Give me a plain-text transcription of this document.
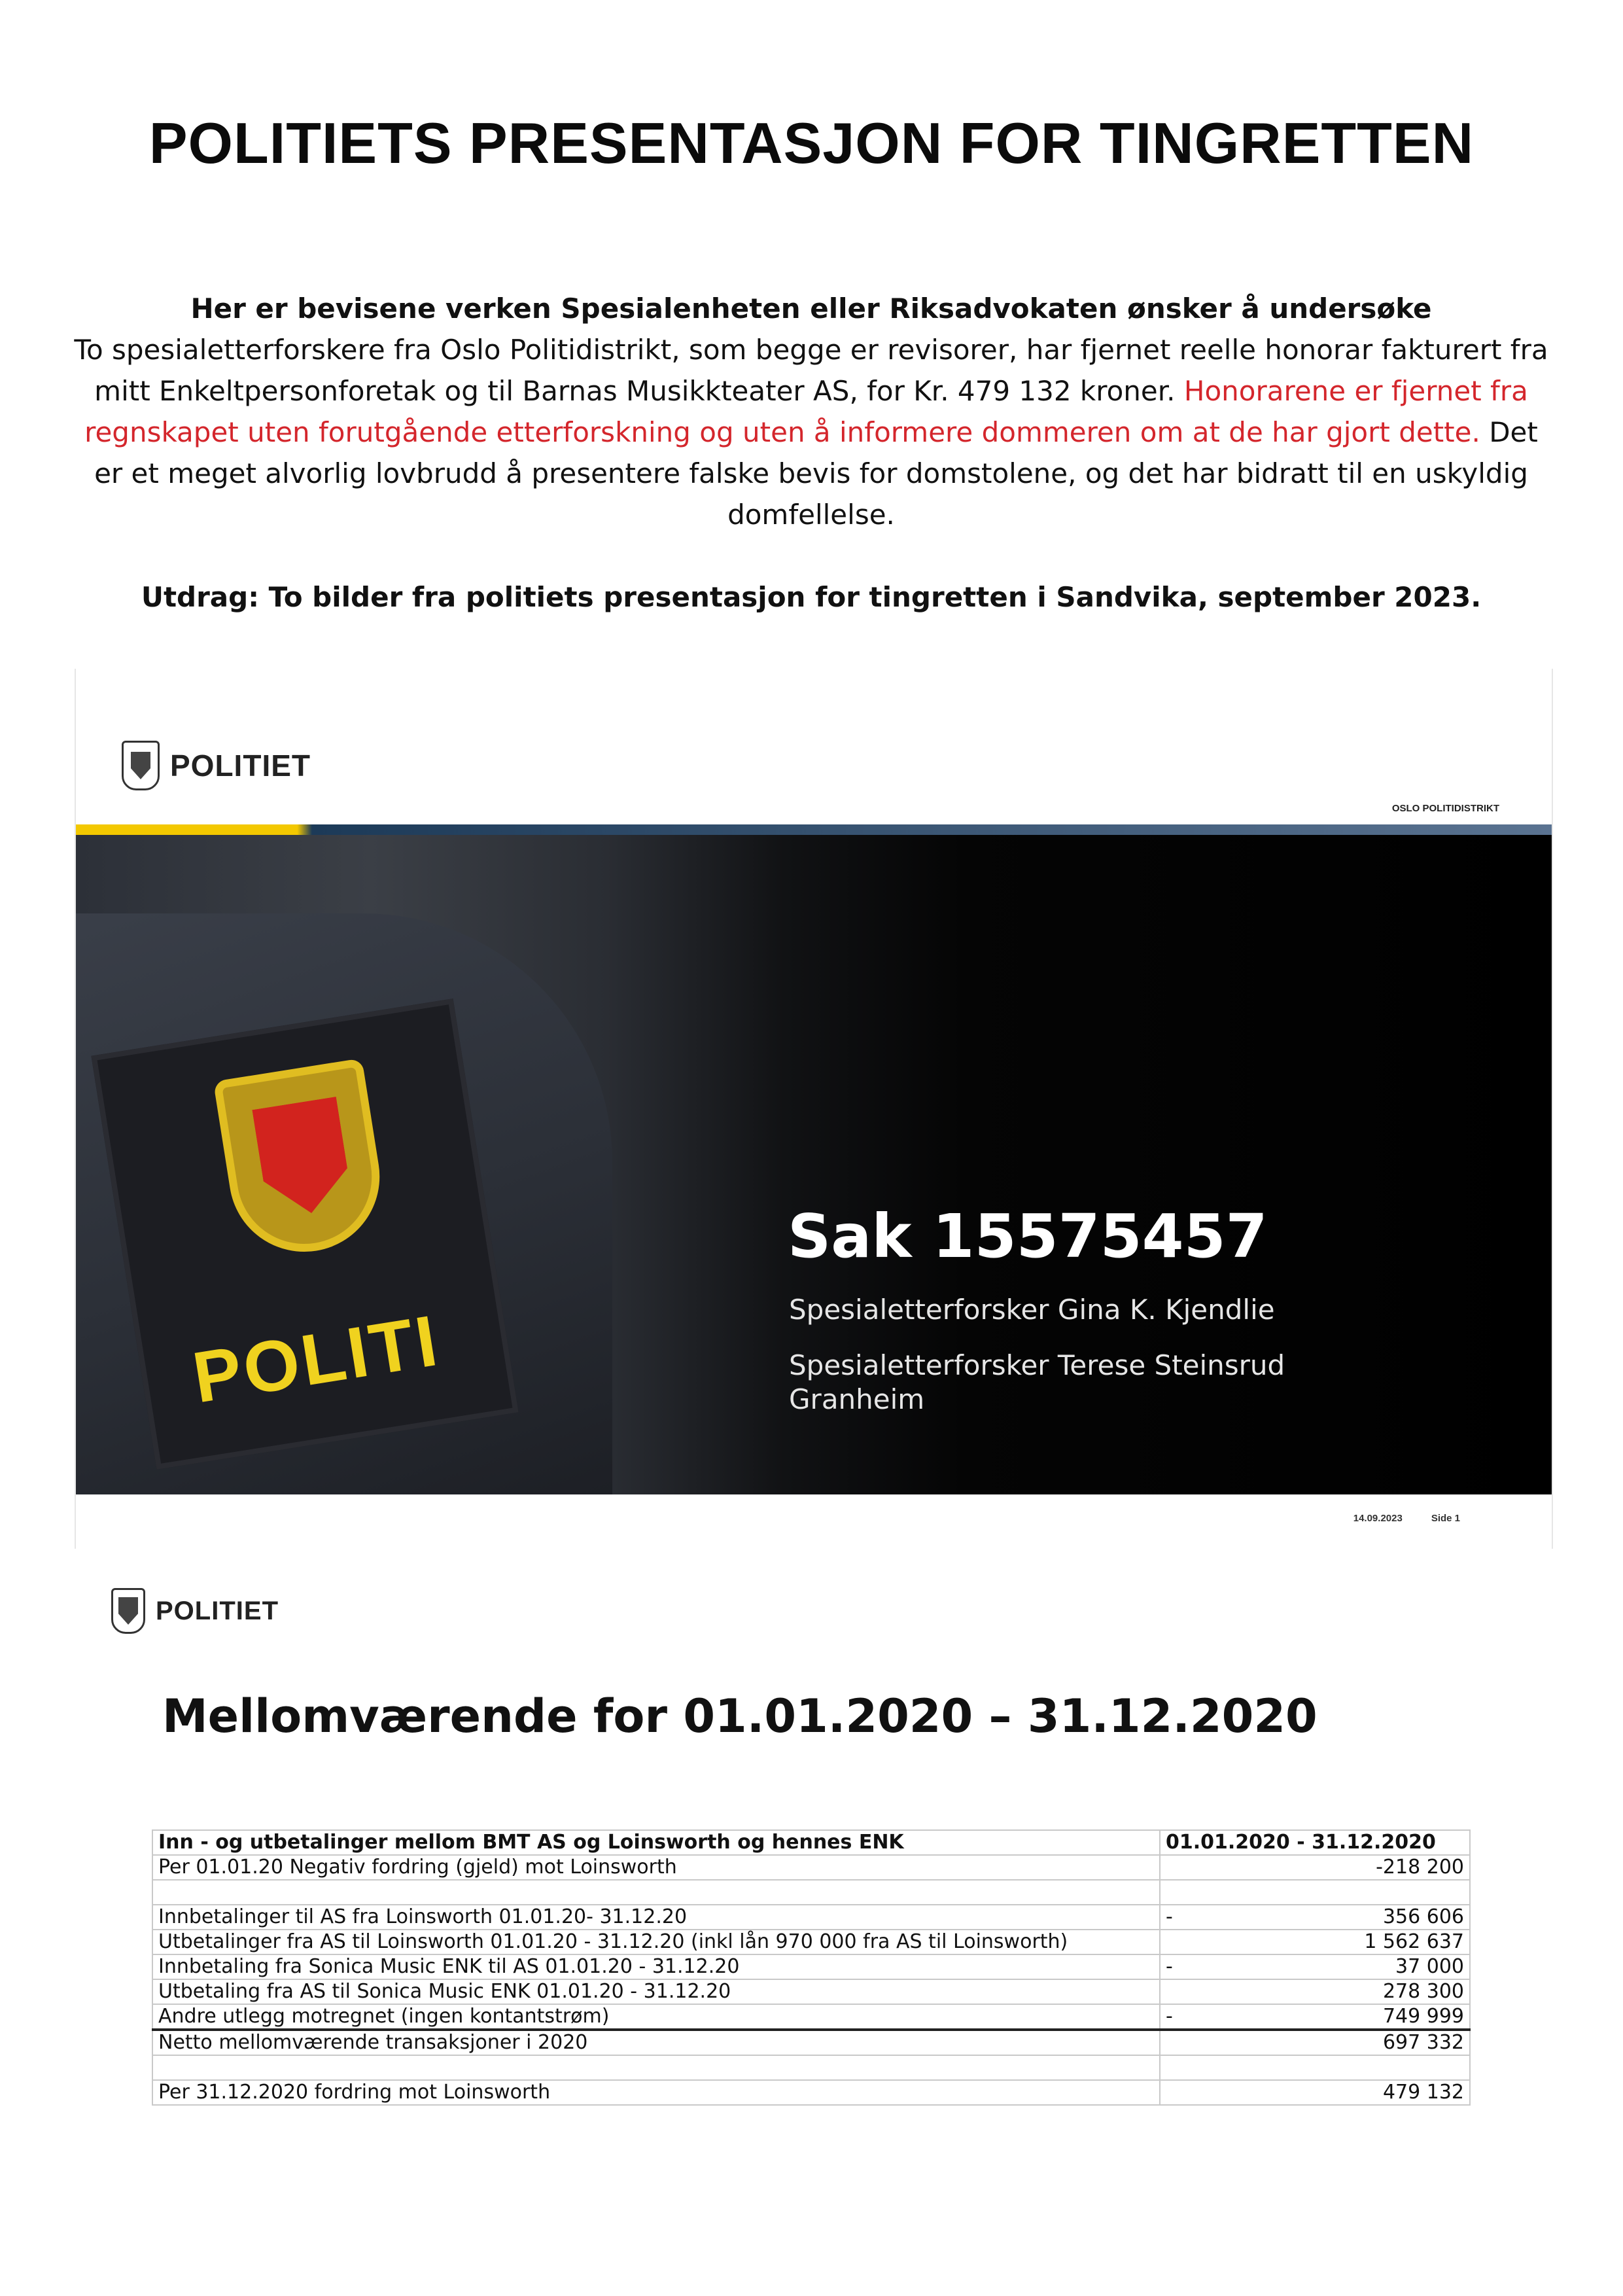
POLITIETS PRESENTASJON FOR TINGRETTEN
Her er bevisene verken Spesialenheten eller Riksadvokaten ønsker å undersøke
To spesialetterforskere fra Oslo Politidistrikt, som begge er revisorer, har fjernet reelle honorar fakturert fra mitt Enkeltpersonforetak og til Barnas Musikkteater AS, for Kr. 479 132 kroner. Honorarene er fjernet fra regnskapet uten forutgående etterforskning og uten å informere dommeren om at de har gjort dette. Det er et meget alvorlig lovbrudd å presentere falske bevis for domstolene, og det har bidratt til en uskyldig domfellelse.
Utdrag: To bilder fra politiets presentasjon for tingretten i Sandvika, september 2023.
POLITIET
OSLO POLITIDISTRIKT
POLITI
Sak 15575457
Spesialetterforsker Gina K. Kjendlie
Spesialetterforsker Terese Steinsrud Granheim
14.09.2023	Side 1
POLITIET
Mellomværende for 01.01.2020 – 31.12.2020
Inn - og utbetalinger mellom BMT AS og Loinsworth og hennes ENK	01.01.2020 - 31.12.2020
Per 01.01.20 Negativ fordring (gjeld) mot Loinsworth	-218 200

Innbetalinger til AS fra Loinsworth 01.01.20- 31.12.20	- 356 606
Utbetalinger fra AS til Loinsworth 01.01.20 - 31.12.20 (inkl lån 970 000 fra AS til Loinsworth)	1 562 637
Innbetaling fra Sonica Music ENK til AS 01.01.20 - 31.12.20	- 37 000
Utbetaling fra AS til Sonica Music ENK 01.01.20 - 31.12.20	278 300
Andre utlegg motregnet (ingen kontantstrøm)	- 749 999
Netto mellomværende transaksjoner i 2020	697 332

Per 31.12.2020 fordring mot Loinsworth	479 132
